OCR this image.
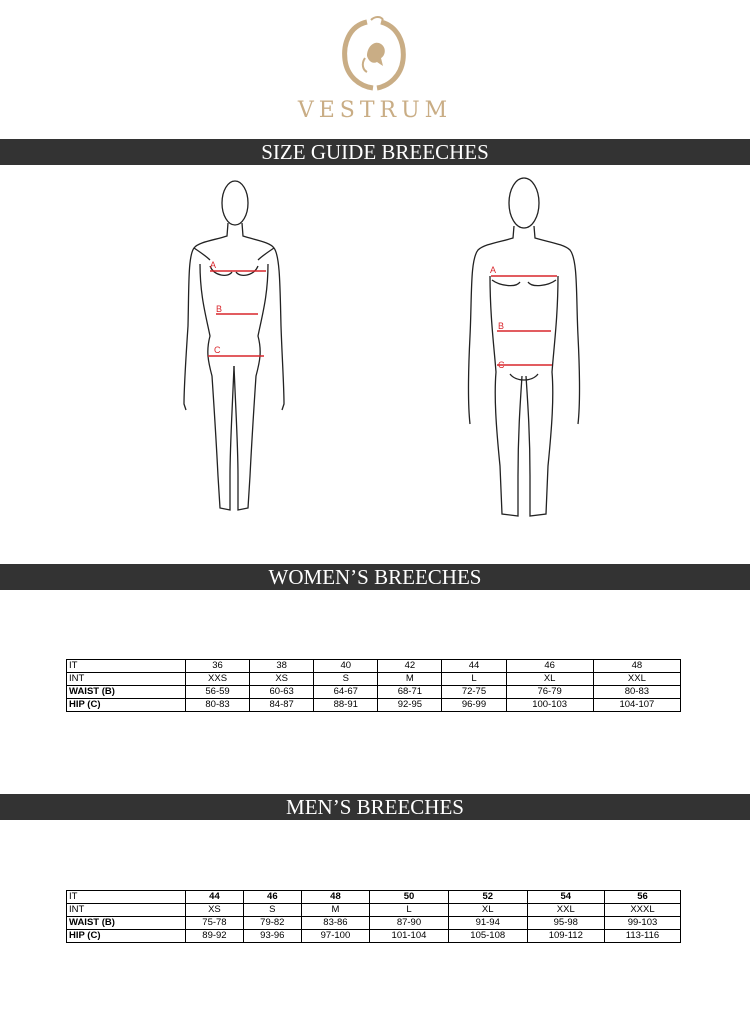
VESTRUM
SIZE GUIDE BREECHES
A
B
C
A
B
C
WOMEN’S BREECHES
IT	36	38	40	42	44	46	48
INT	XXS	XS	S	M	L	XL	XXL
WAIST (B)	56-59	60-63	64-67	68-71	72-75	76-79	80-83
HIP (C)	80-83	84-87	88-91	92-95	96-99	100-103	104-107
MEN’S BREECHES
IT	44	46	48	50	52	54	56
INT	XS	S	M	L	XL	XXL	XXXL
WAIST (B)	75-78	79-82	83-86	87-90	91-94	95-98	99-103
HIP (C)	89-92	93-96	97-100	101-104	105-108	109-112	113-116
